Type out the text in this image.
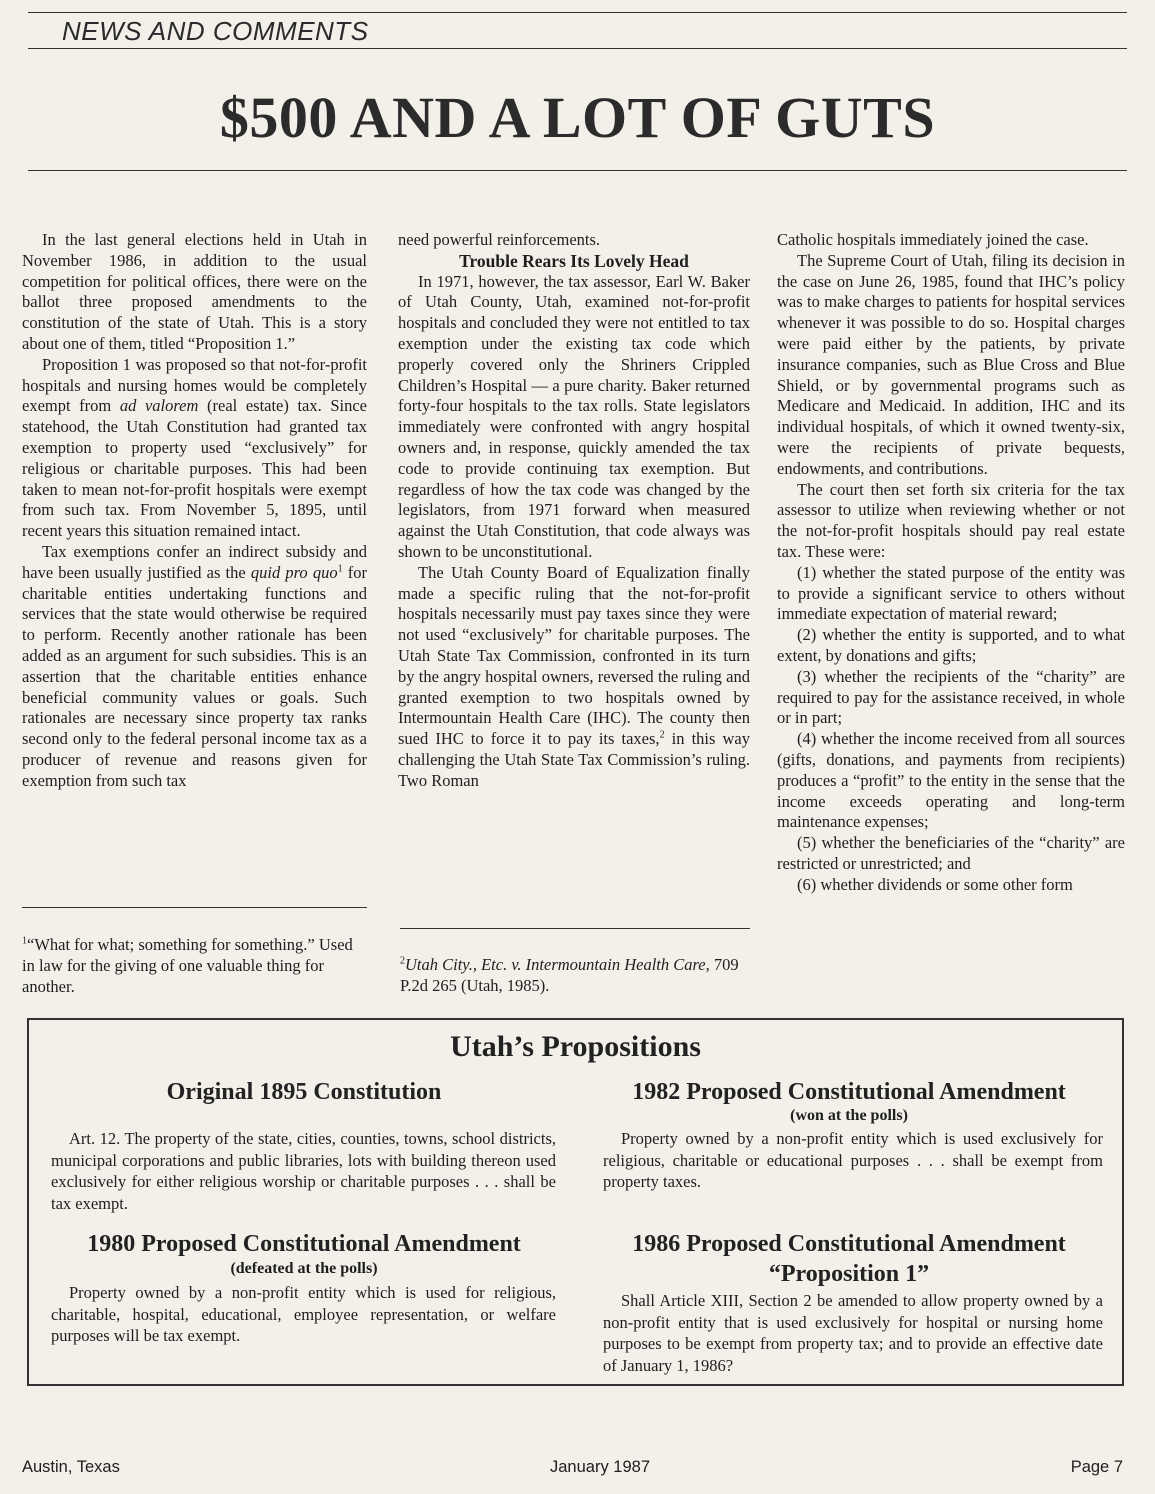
NEWS AND COMMENTS
$500 AND A LOT OF GUTS

In the last general elections held in Utah in November 1986, in addition to the usual competition for political offices, there were on the ballot three proposed amendments to the constitution of the state of Utah. This is a story about one of them, titled “Proposition 1.”

Proposition 1 was proposed so that not-for-profit hospitals and nursing homes would be completely exempt from ad valorem (real estate) tax. Since statehood, the Utah Constitution had granted tax exemption to property used “exclusively” for religious or charitable purposes. This had been taken to mean not-for-profit hospitals were exempt from such tax. From November 5, 1895, until recent years this situation remained intact.

Tax exemptions confer an indirect subsidy and have been usually justified as the quid pro quo$^1$ for charitable entities undertaking functions and services that the state would otherwise be required to perform. Recently another rationale has been added as an argument for such subsidies. This is an assertion that the charitable entities enhance beneficial community values or goals. Such rationales are necessary since property tax ranks second only to the federal personal income tax as a producer of revenue and reasons given for exemption from such tax

$^1$“What for what; something for something.” Used in law for the giving of one valuable thing for another.

need powerful reinforcements.

Trouble Rears Its Lovely Head

In 1971, however, the tax assessor, Earl W. Baker of Utah County, Utah, examined not-for-profit hospitals and concluded they were not entitled to tax exemption under the existing tax code which properly covered only the Shriners Crippled Children’s Hospital — a pure charity. Baker returned forty-four hospitals to the tax rolls. State legislators immediately were confronted with angry hospital owners and, in response, quickly amended the tax code to provide continuing tax exemption. But regardless of how the tax code was changed by the legislators, from 1971 forward when measured against the Utah Constitution, that code always was shown to be unconstitutional.

The Utah County Board of Equalization finally made a specific ruling that the not-for-profit hospitals necessarily must pay taxes since they were not used “exclusively” for charitable purposes. The Utah State Tax Commission, confronted in its turn by the angry hospital owners, reversed the ruling and granted exemption to two hospitals owned by Intermountain Health Care (IHC). The county then sued IHC to force it to pay its taxes,$^2$ in this way challenging the Utah State Tax Commission’s ruling. Two Roman

$^2$Utah City., Etc. v. Intermountain Health Care, 709 P.2d 265 (Utah, 1985).

Catholic hospitals immediately joined the case.

The Supreme Court of Utah, filing its decision in the case on June 26, 1985, found that IHC’s policy was to make charges to patients for hospital services whenever it was possible to do so. Hospital charges were paid either by the patients, by private insurance companies, such as Blue Cross and Blue Shield, or by governmental programs such as Medicare and Medicaid. In addition, IHC and its individual hospitals, of which it owned twenty-six, were the recipients of private bequests, endowments, and contributions.

The court then set forth six criteria for the tax assessor to utilize when reviewing whether or not the not-for-profit hospitals should pay real estate tax. These were:

(1) whether the stated purpose of the entity was to provide a significant service to others without immediate expectation of material reward;

(2) whether the entity is supported, and to what extent, by donations and gifts;

(3) whether the recipients of the “charity” are required to pay for the assistance received, in whole or in part;

(4) whether the income received from all sources (gifts, donations, and payments from recipients) produces a “profit” to the entity in the sense that the income exceeds operating and long-term maintenance expenses;

(5) whether the beneficiaries of the “charity” are restricted or unrestricted; and

(6) whether dividends or some other form

Utah’s Propositions
Original 1895 Constitution
Art. 12. The property of the state, cities, counties, towns, school districts, municipal corporations and public libraries, lots with building thereon used exclusively for either religious worship or charitable purposes . . . shall be tax exempt.
1980 Proposed Constitutional Amendment
(defeated at the polls)
Property owned by a non-profit entity which is used for religious, charitable, hospital, educational, employee representation, or welfare purposes will be tax exempt.
1982 Proposed Constitutional Amendment
(won at the polls)
Property owned by a non-profit entity which is used exclusively for religious, charitable or educational purposes . . . shall be exempt from property taxes.
1986 Proposed Constitutional Amendment
“Proposition 1”
Shall Article XIII, Section 2 be amended to allow property owned by a non-profit entity that is used exclusively for hospital or nursing home purposes to be exempt from property tax; and to provide an effective date of January 1, 1986?
Austin, Texas	January 1987	Page 7
